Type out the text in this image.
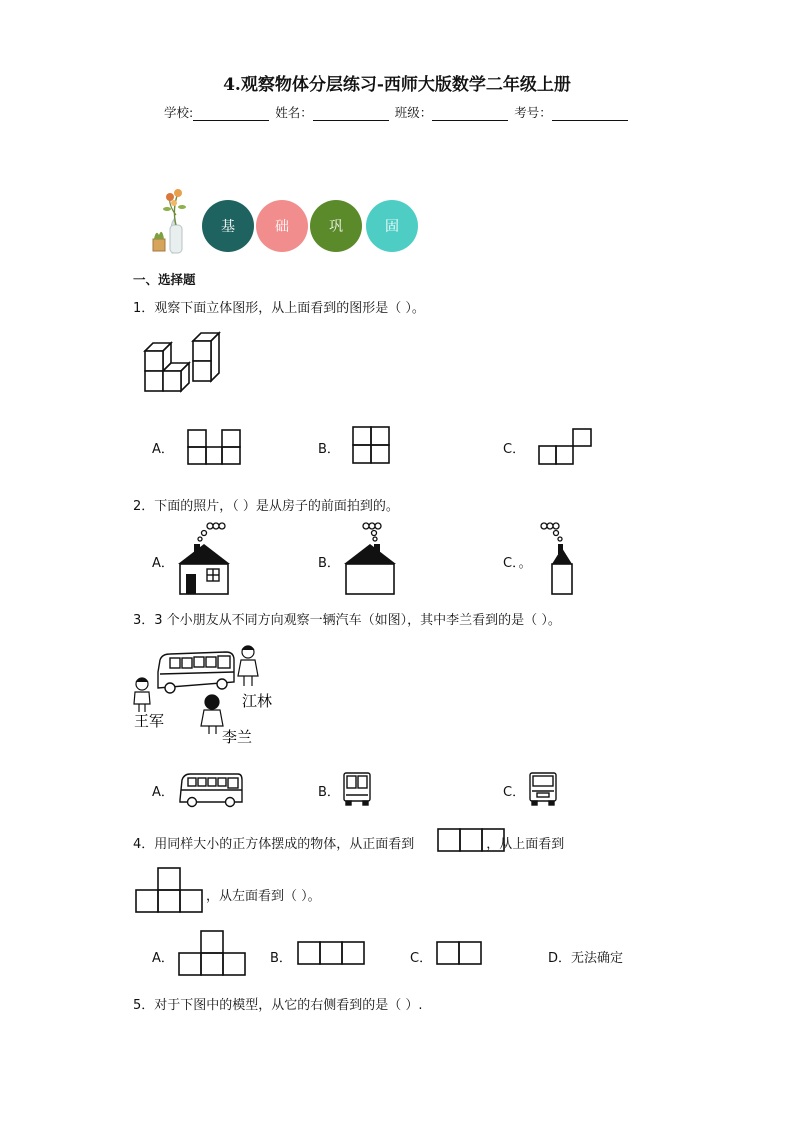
4.观察物体分层练习-西师大版数学二年级上册
学校:	姓名：	班级：	考号：
基	础	巩	固
一、选择题
1．观察下面立体图形，从上面看到的图形是（ ）。
A．	B．	C．
2．下面的照片，（ ）是从房子的前面拍到的。
A．	B．	C．。
3．3 个小朋友从不同方向观察一辆汽车（如图），其中李兰看到的是（ ）。
江林
王军
李兰
A．	B．	C．
4．用同样大小的正方体摆成的物体，从正面看到	，从上面看到
，从左面看到（ ）。
A．	B．	C．	D．无法确定
5．对于下图中的模型，从它的右侧看到的是（ ）.
